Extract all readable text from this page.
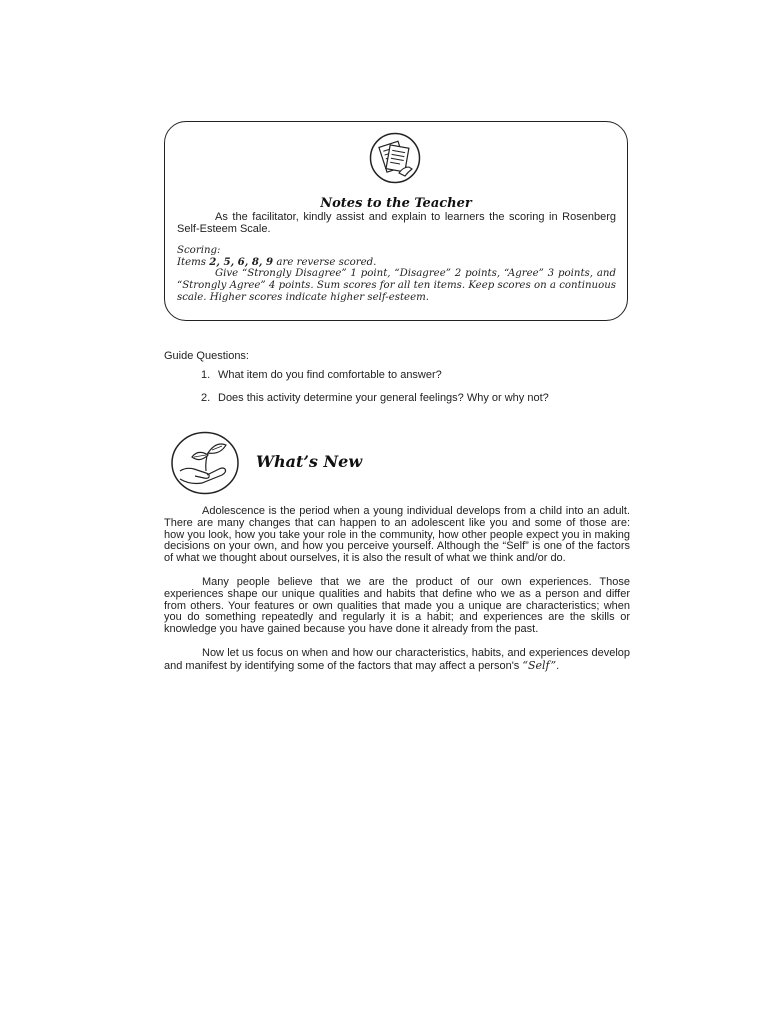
Notes to the Teacher

As the facilitator, kindly assist and explain to learners the scoring in Rosenberg Self-Esteem Scale.

Scoring:

Items 2, 5, 6, 8, 9 are reverse scored.

Give “Strongly Disagree” 1 point, “Disagree” 2 points, “Agree” 3 points, and “Strongly Agree” 4 points. Sum scores for all ten items. Keep scores on a continuous scale. Higher scores indicate higher self-esteem.

Guide Questions:

1. What item do you find comfortable to answer?
2. Does this activity determine your general feelings? Why or why not?
What’s New

Adolescence is the period when a young individual develops from a child into an adult. There are many changes that can happen to an adolescent like you and some of those are: how you look, how you take your role in the community, how other people expect you in making decisions on your own, and how you perceive yourself. Although the “Self” is one of the factors of what we thought about ourselves, it is also the result of what we think and/or do.

Many people believe that we are the product of our own experiences. Those experiences shape our unique qualities and habits that define who we as a person and differ from others. Your features or own qualities that made you a unique are characteristics; when you do something repeatedly and regularly it is a habit; and experiences are the skills or knowledge you have gained because you have done it already from the past.

Now let us focus on when and how our characteristics, habits, and experiences develop and manifest by identifying some of the factors that may affect a person's “Self”.
